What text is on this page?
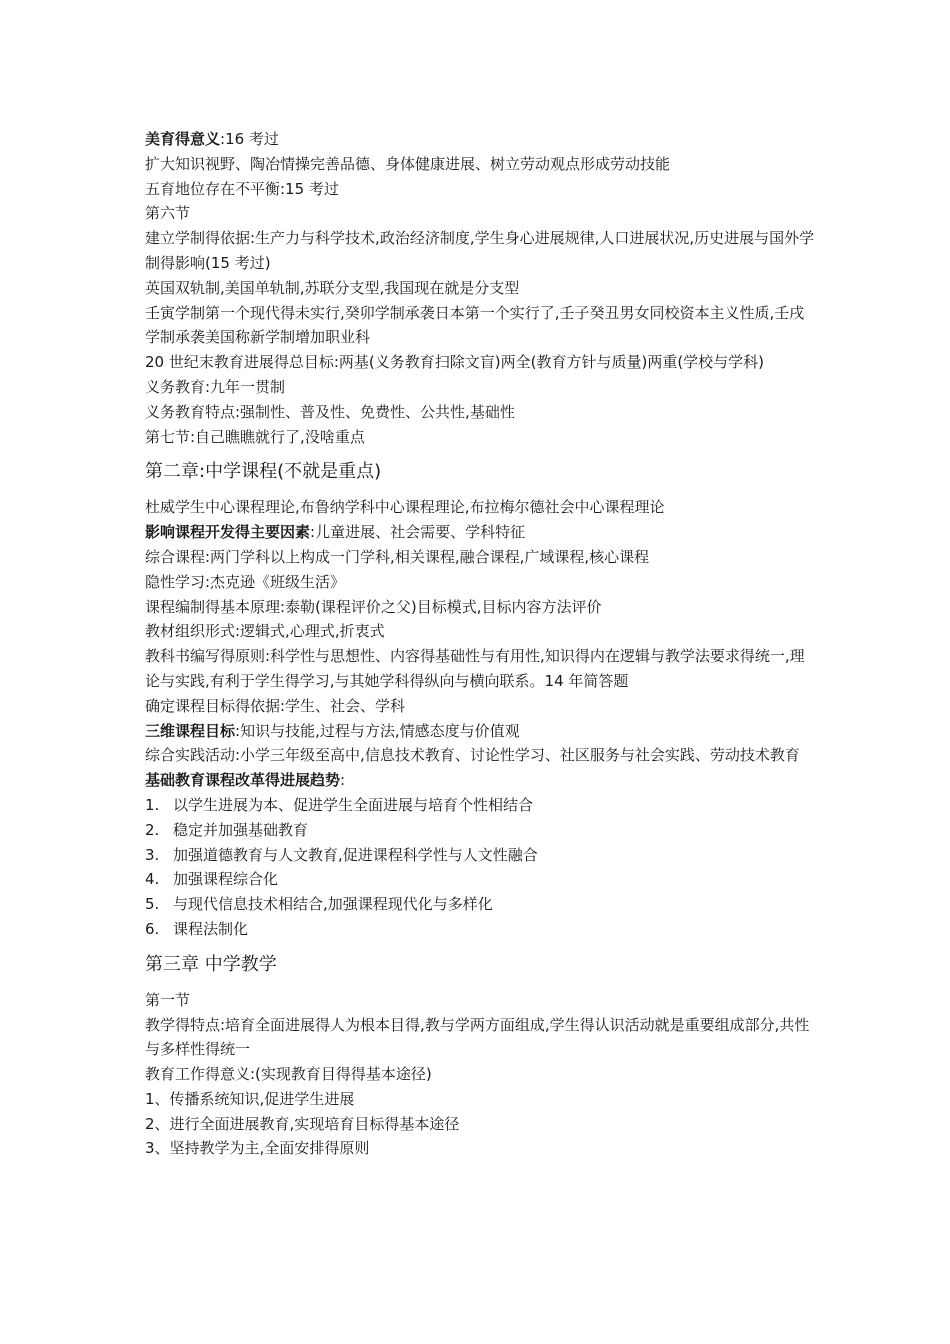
美育得意义:16 考过

扩大知识视野、陶冶情操完善品德、身体健康进展、树立劳动观点形成劳动技能

五育地位存在不平衡:15 考过

第六节

建立学制得依据:生产力与科学技术,政治经济制度,学生身心进展规律,人口进展状况,历史进展与国外学制得影响(15 考过)

英国双轨制,美国单轨制,苏联分支型,我国现在就是分支型

壬寅学制第一个现代得未实行,癸卯学制承袭日本第一个实行了,壬子癸丑男女同校资本主义性质,壬戌学制承袭美国称新学制增加职业科

20 世纪末教育进展得总目标:两基(义务教育扫除文盲)两全(教育方针与质量)两重(学校与学科)

义务教育:九年一贯制

义务教育特点:强制性、普及性、免费性、公共性,基础性

第七节:自己瞧瞧就行了,没啥重点

第二章:中学课程(不就是重点)

杜威学生中心课程理论,布鲁纳学科中心课程理论,布拉梅尔德社会中心课程理论

影响课程开发得主要因素:儿童进展、社会需要、学科特征

综合课程:两门学科以上构成一门学科,相关课程,融合课程,广域课程,核心课程

隐性学习:杰克逊《班级生活》

课程编制得基本原理:泰勒(课程评价之父)目标模式,目标内容方法评价

教材组织形式:逻辑式,心理式,折衷式

教科书编写得原则:科学性与思想性、内容得基础性与有用性,知识得内在逻辑与教学法要求得统一,理论与实践,有利于学生得学习,与其她学科得纵向与横向联系。14 年简答题

确定课程目标得依据:学生、社会、学科

三维课程目标:知识与技能,过程与方法,情感态度与价值观

综合实践活动:小学三年级至高中,信息技术教育、讨论性学习、社区服务与社会实践、劳动技术教育

基础教育课程改革得进展趋势:

1. 以学生进展为本、促进学生全面进展与培育个性相结合
2. 稳定并加强基础教育
3. 加强道德教育与人文教育,促进课程科学性与人文性融合
4. 加强课程综合化
5. 与现代信息技术相结合,加强课程现代化与多样化
6. 课程法制化

第三章 中学教学

第一节

教学得特点:培育全面进展得人为根本目得,教与学两方面组成,学生得认识活动就是重要组成部分,共性与多样性得统一

教育工作得意义:(实现教育目得得基本途径)

1、传播系统知识,促进学生进展

2、进行全面进展教育,实现培育目标得基本途径

3、坚持教学为主,全面安排得原则
